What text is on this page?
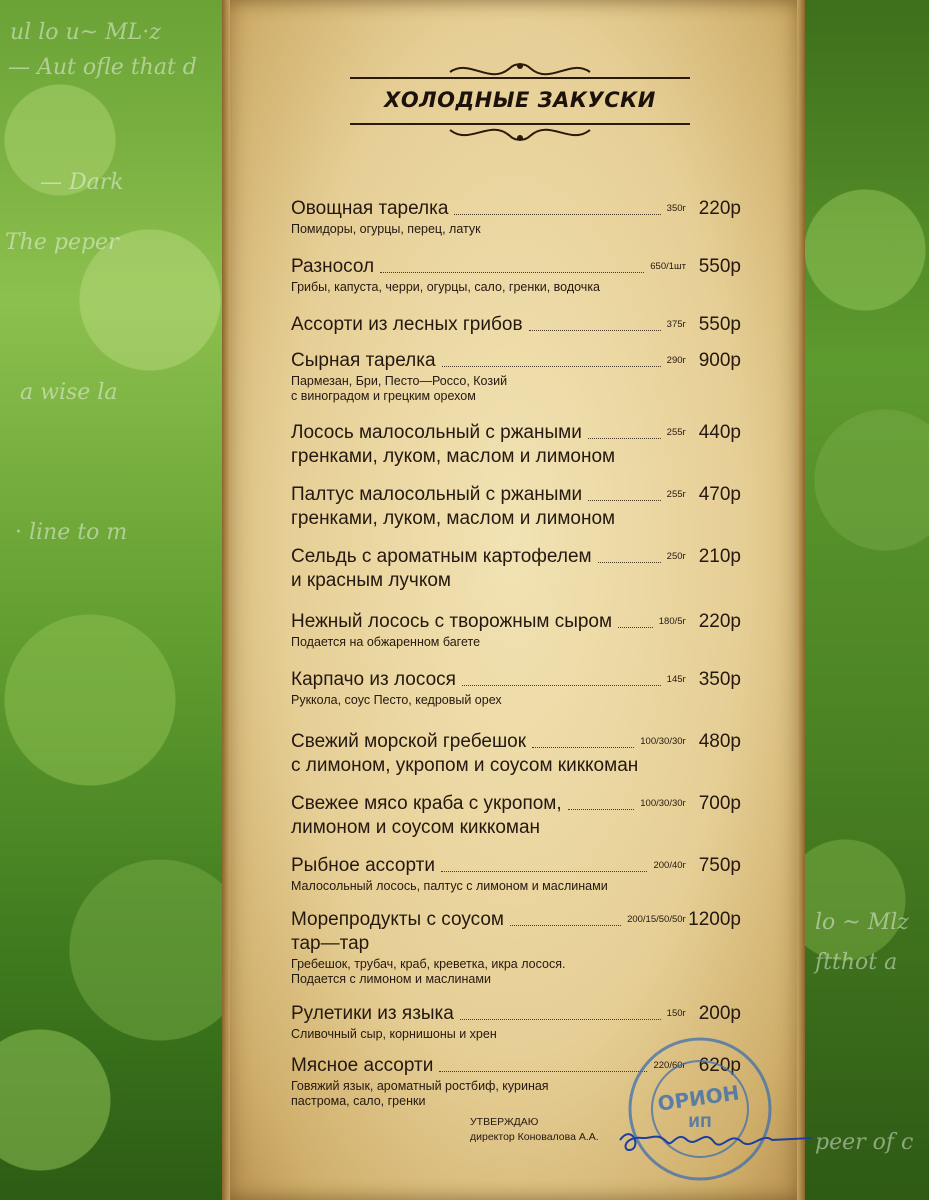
ul lo u~ ML·z
— Aut ofle that d
— Dark
The peper
a wise la
· line to m
lo ~ Mlz
ftthot a
peer of c
ХОЛОДНЫЕ ЗАКУСКИ
Овощная тарелка	350г 220р
Помидоры, огурцы, перец, латук
Разносол	650/1шт 550р
Грибы, капуста, черри, огурцы, сало, гренки, водочка
Ассорти из лесных грибов	375г 550р
Сырная тарелка	290г 900р
Пармезан, Бри, Песто—Россо, Козий
с виноградом и грецким орехом
Лосось малосольный с ржаными	255г 440р
гренками, луком, маслом и лимоном
Палтус малосольный с ржаными	255г 470р
гренками, луком, маслом и лимоном
Сельдь с ароматным картофелем	250г 210р
и красным лучком
Нежный лосось с творожным сыром	180/5г 220р
Подается на обжаренном багете
Карпачо из лосося	145г 350р
Руккола, соус Песто, кедровый орех
Свежий морской гребешок	100/30/30г 480р
с лимоном, укропом и соусом киккоман
Свежее мясо краба с укропом,	100/30/30г 700р
лимоном и соусом киккоман
Рыбное ассорти	200/40г 750р
Малосольный лосось, палтус с лимоном и маслинами
Морепродукты с соусом	200/15/50/50г 1200р
тар—тар
Гребешок, трубач, краб, креветка, икра лосося.
Подается с лимоном и маслинами
Рулетики из языка	150г 200р
Сливочный сыр, корнишоны и хрен
Мясное ассорти	220/60г 620р
Говяжий язык, ароматный ростбиф, куриная
пастрома, сало, гренки
УТВЕРЖДАЮ
директор Коновалова А.А.
ОРИОН
ИП
